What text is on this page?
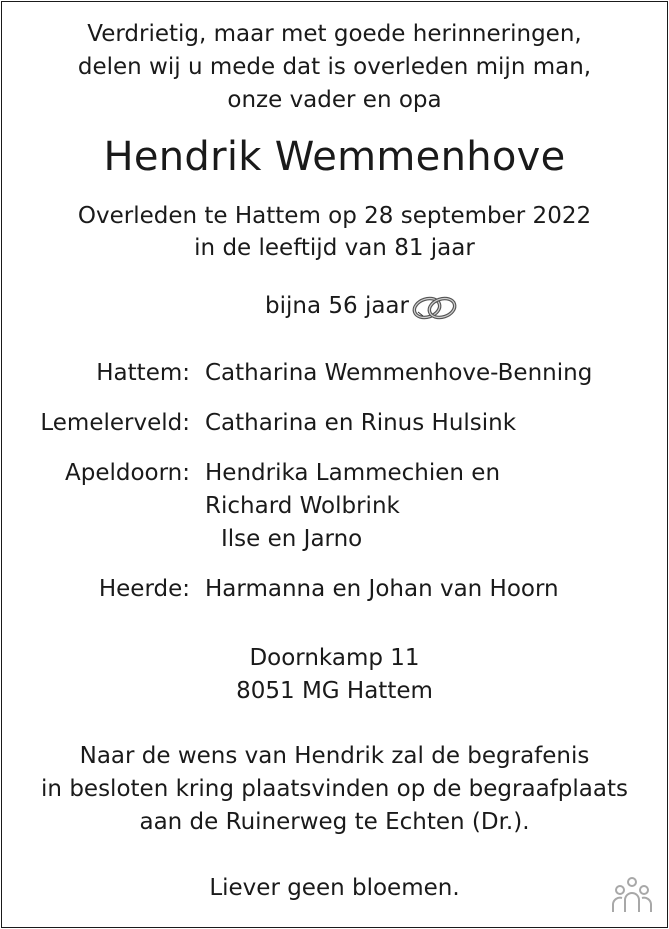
Verdrietig, maar met goede herinneringen,
delen wij u mede dat is overleden mijn man,
onze vader en opa
Hendrik Wemmenhove
Overleden te Hattem op 28 september 2022
in de leeftijd van 81 jaar
bijna 56 jaar
Hattem: Catharina Wemmenhove-Benning
Lemelerveld: Catharina en Rinus Hulsink
Apeldoorn: Hendrika Lammechien en
Richard Wolbrink
Ilse en Jarno
Heerde: Harmanna en Johan van Hoorn
Doornkamp 11
8051 MG Hattem
Naar de wens van Hendrik zal de begrafenis
in besloten kring plaatsvinden op de begraafplaats
aan de Ruinerweg te Echten (Dr.).
Liever geen bloemen.
